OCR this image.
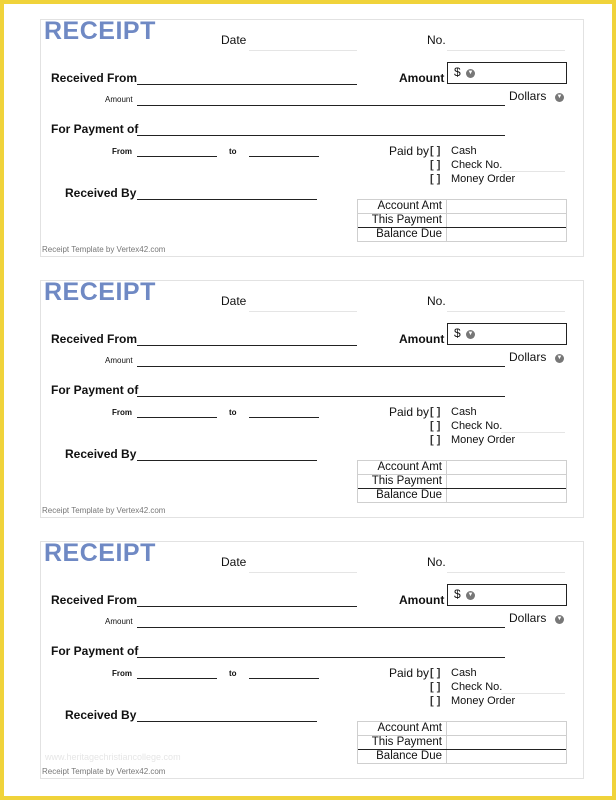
RECEIPT	Date	No.
Received From	Amount $ ▼
Amount	Dollars ▼
For Payment of
From	to	Paid by [ ] Cash
[ ] Check No.
[ ] Money Order
Received By
Account Amt
This Payment
Balance Due
Receipt Template by Vertex42.com
RECEIPT	Date	No.
Received From	Amount $ ▼
Amount	Dollars ▼
For Payment of
From	to	Paid by [ ] Cash
[ ] Check No.
[ ] Money Order
Received By
Account Amt
This Payment
Balance Due
Receipt Template by Vertex42.com
RECEIPT	Date	No.
Received From	Amount $ ▼
Amount	Dollars ▼
For Payment of
From	to	Paid by [ ] Cash
[ ] Check No.
[ ] Money Order
Received By
Account Amt
This Payment
Balance Due
Receipt Template by Vertex42.com
www.heritagechristiancollege.com
